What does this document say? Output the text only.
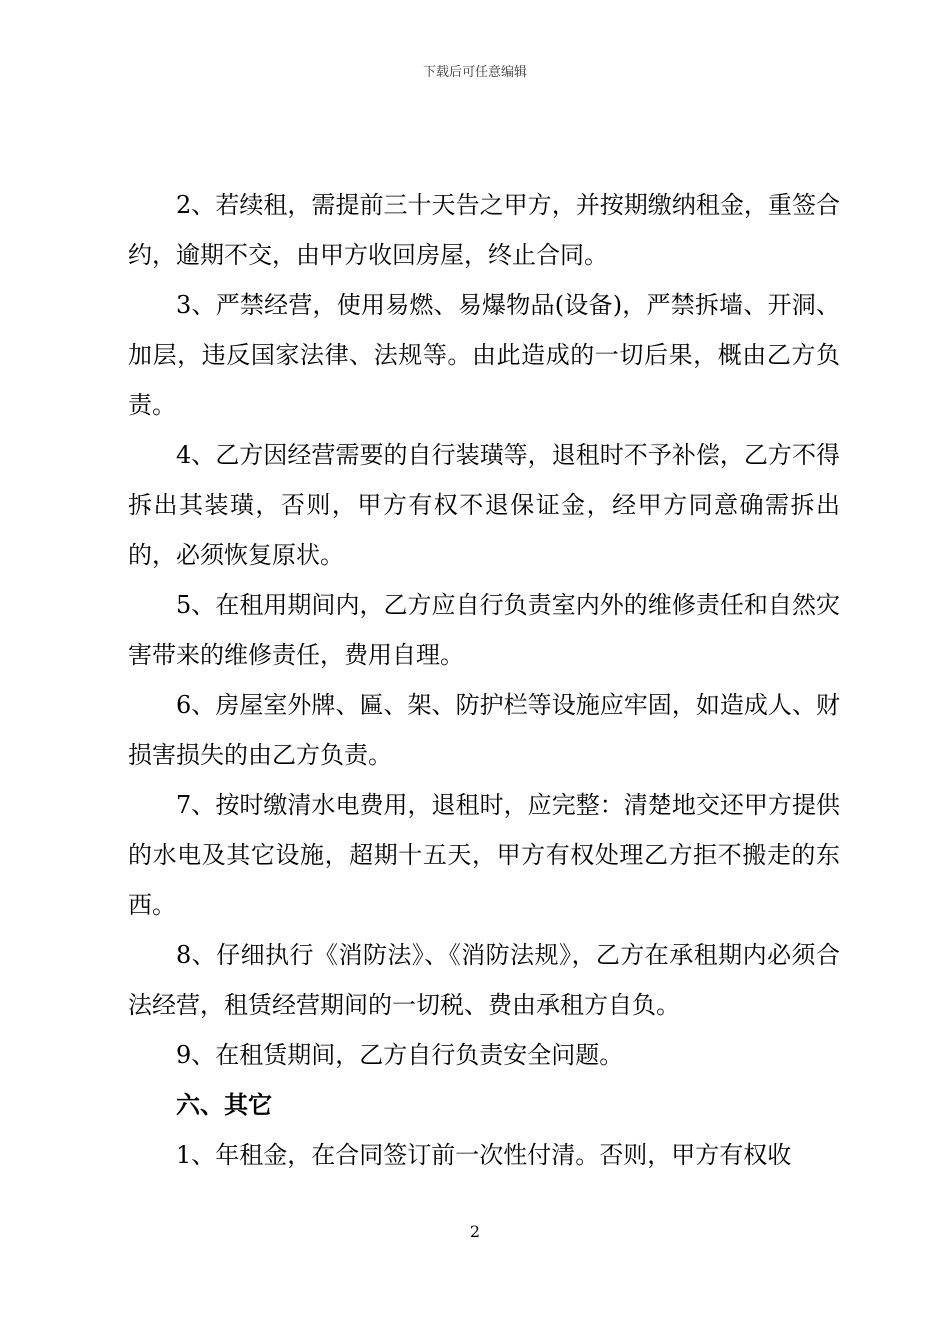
下载后可任意编辑

2、若续租，需提前三十天告之甲方，并按期缴纳租金，重签合约，逾期不交，由甲方收回房屋，终止合同。

3、严禁经营，使用易燃、易爆物品(设备)，严禁拆墙、开洞、加层，违反国家法律、法规等。由此造成的一切后果，概由乙方负责。

4、乙方因经营需要的自行装璜等，退租时不予补偿，乙方不得拆出其装璜，否则，甲方有权不退保证金，经甲方同意确需拆出的，必须恢复原状。

5、在租用期间内，乙方应自行负责室内外的维修责任和自然灾害带来的维修责任，费用自理。

6、房屋室外牌、匾、架、防护栏等设施应牢固，如造成人、财损害损失的由乙方负责。

7、按时缴清水电费用，退租时，应完整：清楚地交还甲方提供的水电及其它设施，超期十五天，甲方有权处理乙方拒不搬走的东西。

8、仔细执行《消防法》、《消防法规》，乙方在承租期内必须合法经营，租赁经营期间的一切税、费由承租方自负。

9、在租赁期间，乙方自行负责安全问题。

六、其它

1、年租金，在合同签订前一次性付清。否则，甲方有权收

2
